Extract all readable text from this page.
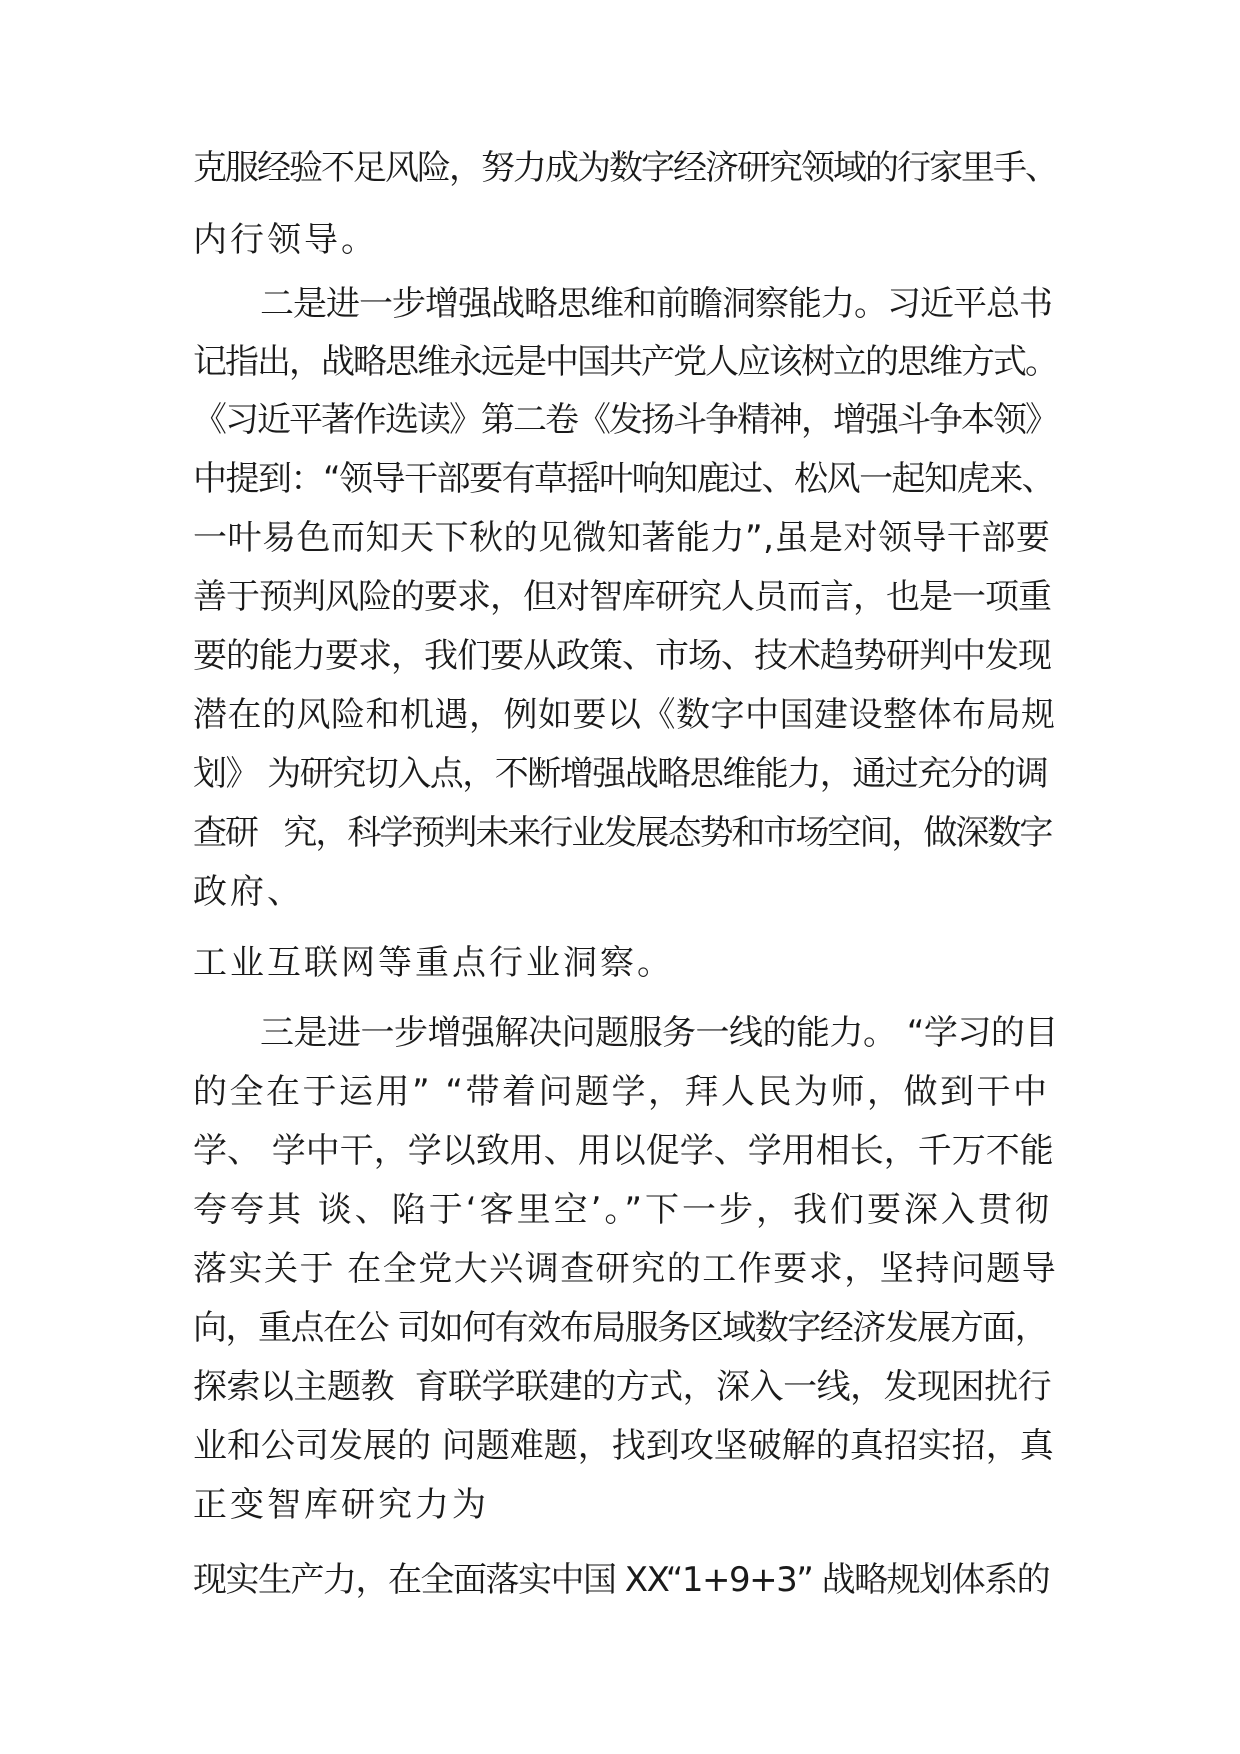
克服经验不足风险，努力成为数字经济研究领域的行家里手、
内行领导。
二是进一步增强战略思维和前瞻洞察能力。习近平总书
记指出，战略思维永远是中国共产党人应该树立的思维方式。
《习近平著作选读》第二卷《发扬斗争精神，增强斗争本领》
中提到：“领导干部要有草摇叶响知鹿过、松风一起知虎来、
一叶易色而知天下秋的见微知著能力”,虽是对领导干部要
善于预判风险的要求，但对智库研究人员而言，也是一项重
要的能力要求，我们要从政策、市场、技术趋势研判中发现
潜在的风险和机遇，例如要以《数字中国建设整体布局规
划》 为研究切入点，不断增强战略思维能力，通过充分的调
查研   究，科学预判未来行业发展态势和市场空间，做深数字
政府、
工业互联网等重点行业洞察。
三是进一步增强解决问题服务一线的能力。 “学习的目
的全在于运用” “带着问题学，拜人民为师，做到干中
学、 学中干，学以致用、用以促学、学用相长，千万不能
夸夸其 谈、陷于‘客里空’。”下一步，我们要深入贯彻
落实关于 在全党大兴调查研究的工作要求，坚持问题导
向，重点在公 司如何有效布局服务区域数字经济发展方面，
探索以主题教  育联学联建的方式，深入一线，发现困扰行
业和公司发展的 问题难题，找到攻坚破解的真招实招，真
正变智库研究力为
现实生产力，在全面落实中国 XX“1+9+3” 战略规划体系的
